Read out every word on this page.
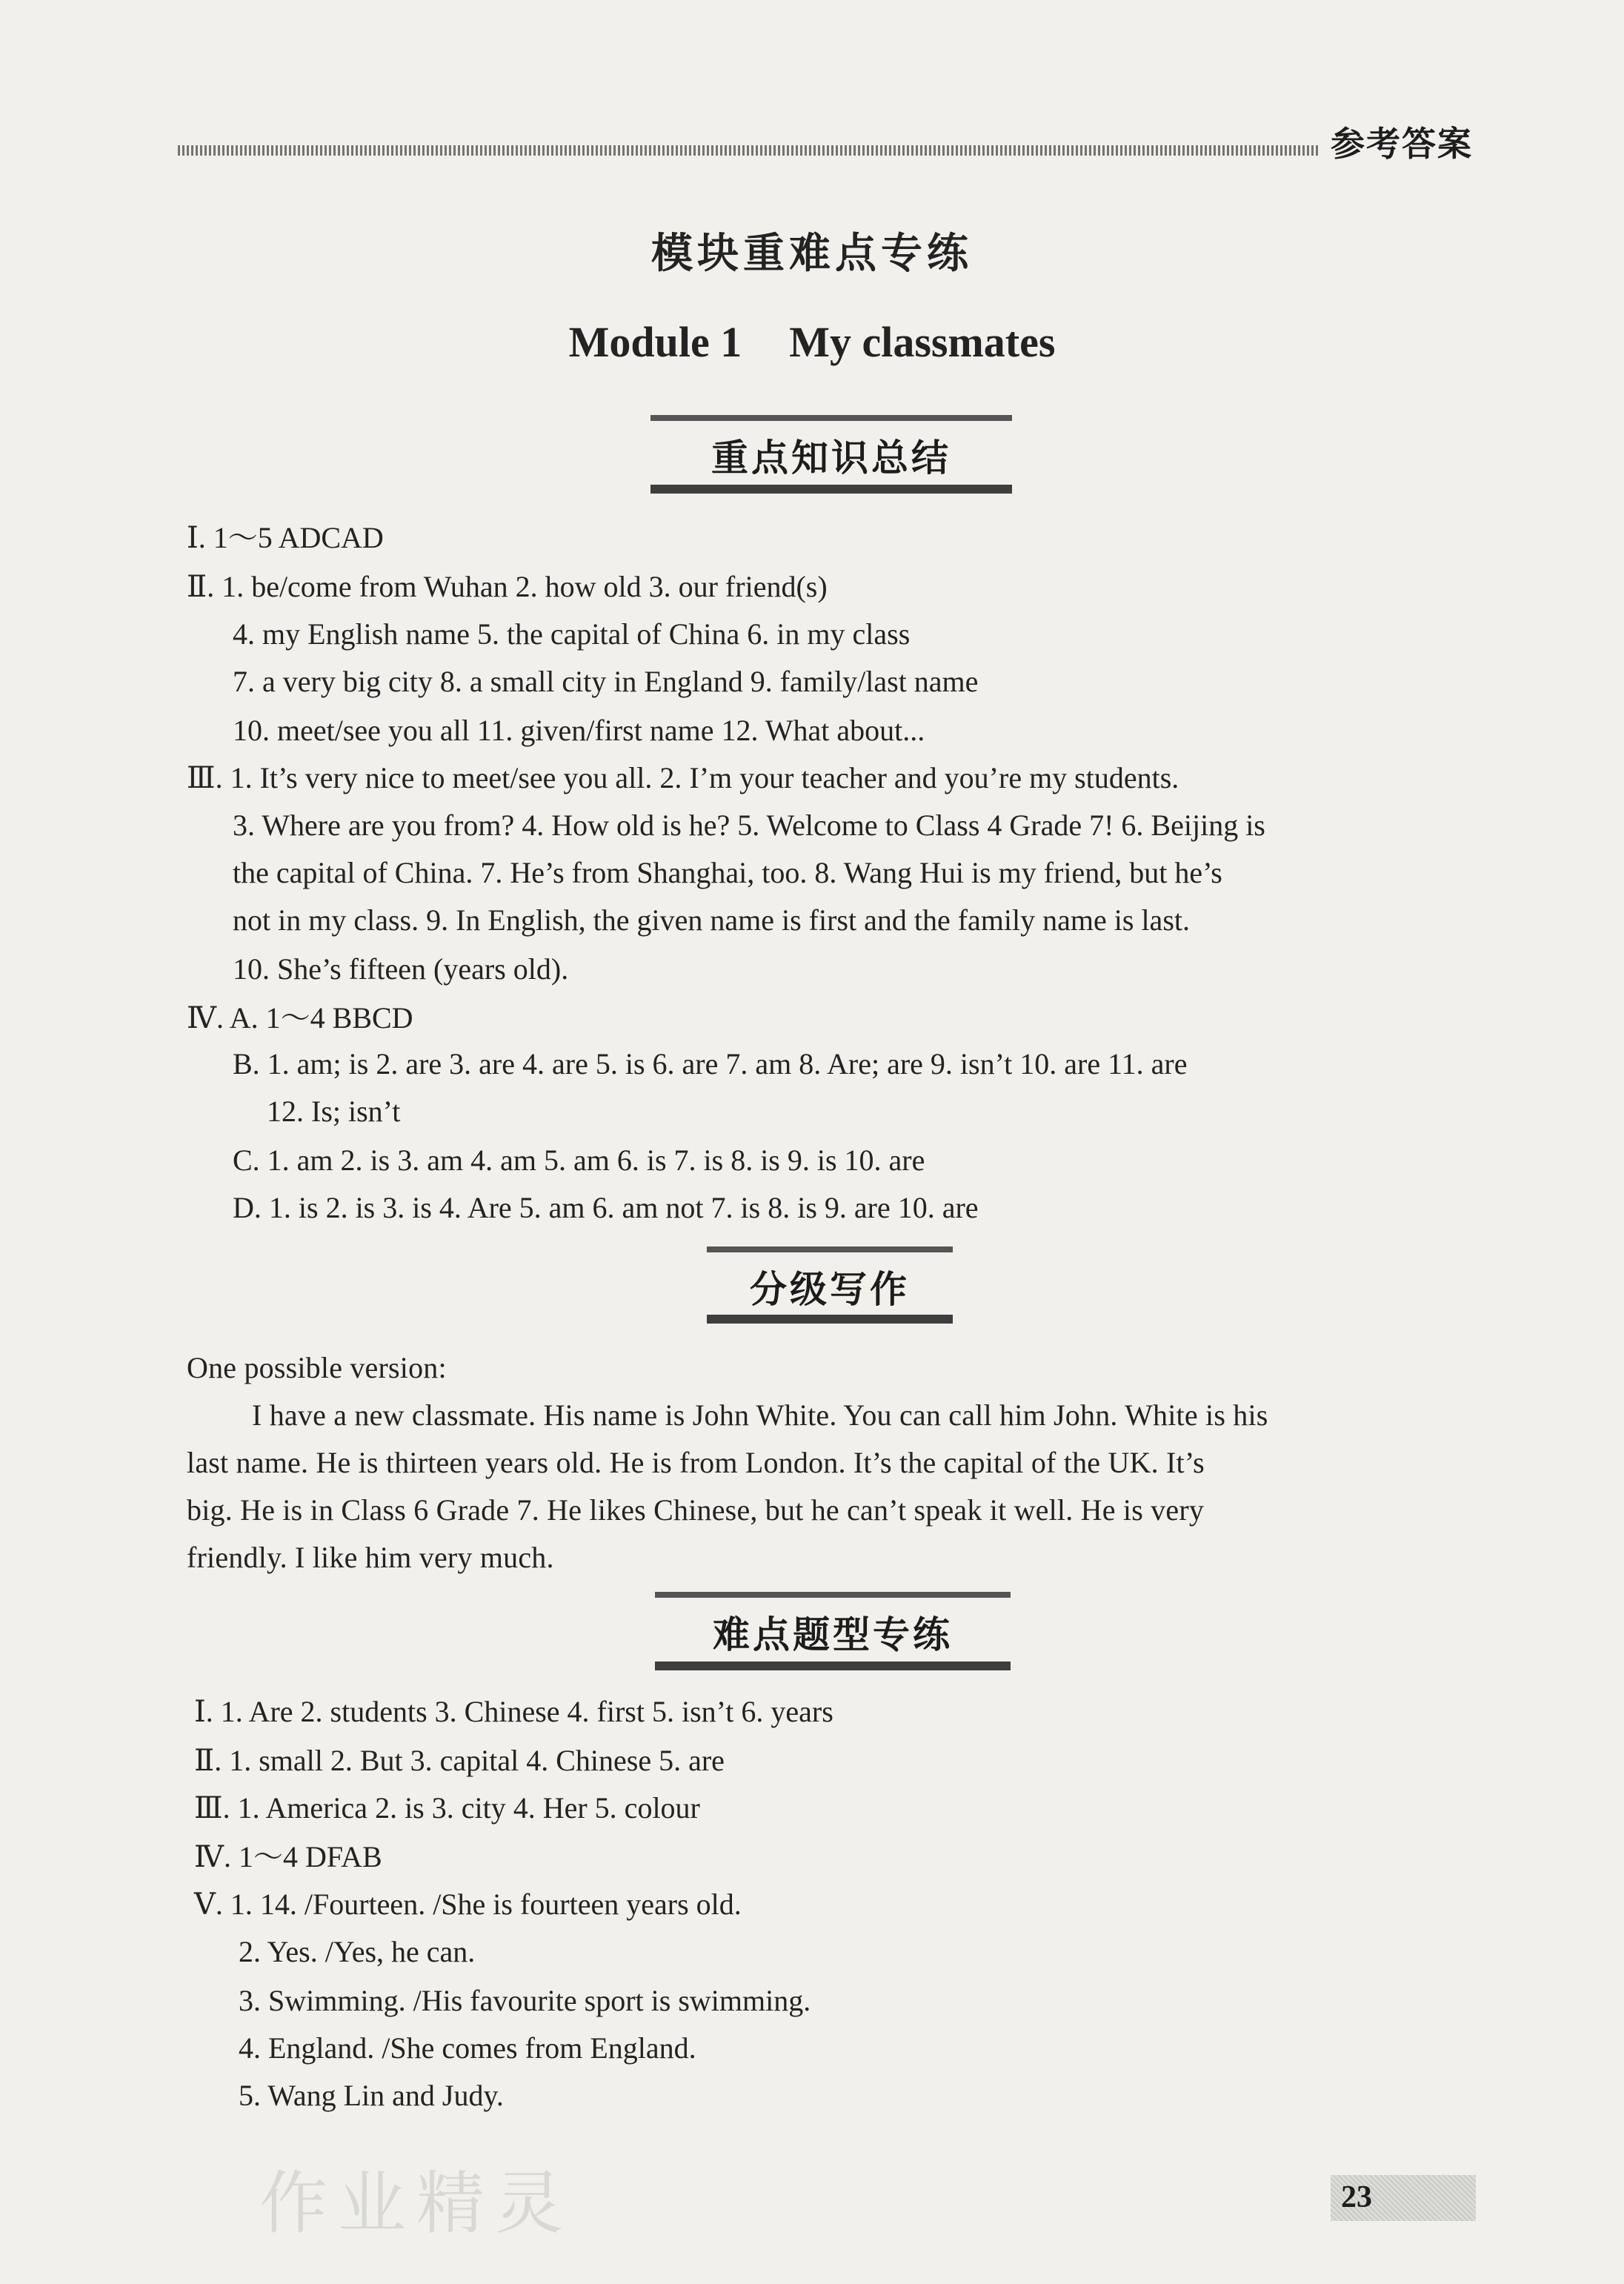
参考答案
模块重难点专练
Module 1 My classmates
重点知识总结
Ⅰ. 1～5 ADCAD
Ⅱ. 1. be/come from Wuhan 2. how old 3. our friend(s)
4. my English name 5. the capital of China 6. in my class
7. a very big city 8. a small city in England 9. family/last name
10. meet/see you all 11. given/first name 12. What about...
Ⅲ. 1. It’s very nice to meet/see you all. 2. I’m your teacher and you’re my students.
3. Where are you from? 4. How old is he? 5. Welcome to Class 4 Grade 7! 6. Beijing is
the capital of China. 7. He’s from Shanghai, too. 8. Wang Hui is my friend, but he’s
not in my class. 9. In English, the given name is first and the family name is last.
10. She’s fifteen (years old).
Ⅳ. A. 1～4 BBCD
B. 1. am; is 2. are 3. are 4. are 5. is 6. are 7. am 8. Are; are 9. isn’t 10. are 11. are
12. Is; isn’t
C. 1. am 2. is 3. am 4. am 5. am 6. is 7. is 8. is 9. is 10. are
D. 1. is 2. is 3. is 4. Are 5. am 6. am not 7. is 8. is 9. are 10. are
分级写作
One possible version:
I have a new classmate. His name is John White. You can call him John. White is his
last name. He is thirteen years old. He is from London. It’s the capital of the UK. It’s
big. He is in Class 6 Grade 7. He likes Chinese, but he can’t speak it well. He is very
friendly. I like him very much.
难点题型专练
Ⅰ. 1. Are 2. students 3. Chinese 4. first 5. isn’t 6. years
Ⅱ. 1. small 2. But 3. capital 4. Chinese 5. are
Ⅲ. 1. America 2. is 3. city 4. Her 5. colour
Ⅳ. 1～4 DFAB
Ⅴ. 1. 14. /Fourteen. /She is fourteen years old.
2. Yes. /Yes, he can.
3. Swimming. /His favourite sport is swimming.
4. England. /She comes from England.
5. Wang Lin and Judy.
作业精灵	23
